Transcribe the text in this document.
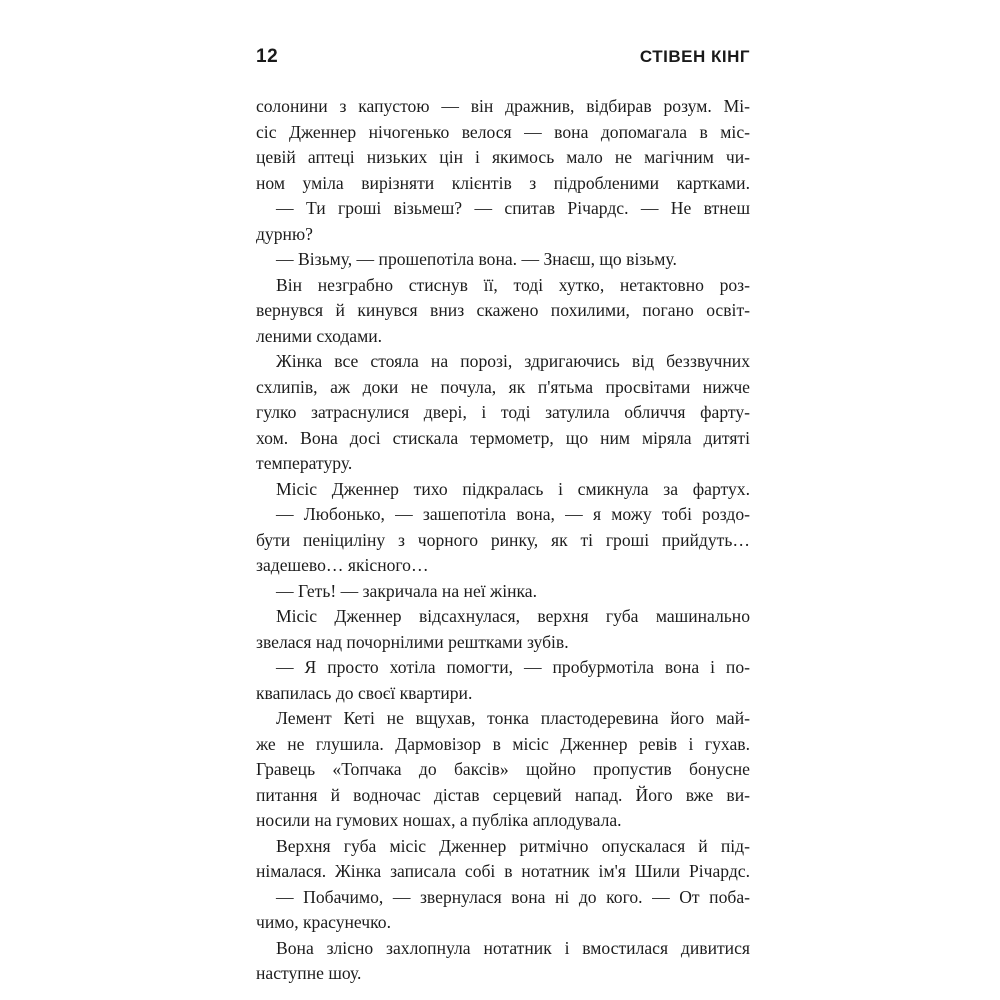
12	СТІВЕН КІНГ
солонини з капустою — він дражнив, відбирав розум. Мі-
сіс Дженнер нічогенько велося — вона допомагала в міс-
цевій аптеці низьких цін і якимось мало не магічним чи-
ном уміла вирізняти клієнтів з підробленими картками.
— Ти гроші візьмеш? — спитав Річардс. — Не втнеш
дурню?
— Візьму, — прошепотіла вона. — Знаєш, що візьму.
Він незграбно стиснув її, тоді хутко, нетактовно роз-
вернувся й кинувся вниз скажено похилими, погано освіт-
леними сходами.
Жінка все стояла на порозі, здригаючись від беззвучних
схлипів, аж доки не почула, як п'ятьма просвітами нижче
гулко затраснулися двері, і тоді затулила обличчя фарту-
хом. Вона досі стискала термометр, що ним міряла дитяті
температуру.
Місіс Дженнер тихо підкралась і смикнула за фартух.
— Любонько, — зашепотіла вона, — я можу тобі роздо-
бути пеніциліну з чорного ринку, як ті гроші прийдуть…
задешево… якісного…
— Геть! — закричала на неї жінка.
Місіс Дженнер відсахнулася, верхня губа машинально
звелася над почорнілими рештками зубів.
— Я просто хотіла помогти, — пробурмотіла вона і по-
квапилась до своєї квартири.
Лемент Кеті не вщухав, тонка пластодеревина його май-
же не глушила. Дармовізор в місіс Дженнер ревів і гухав.
Гравець «Топчака до баксів» щойно пропустив бонусне
питання й водночас дістав серцевий напад. Його вже ви-
носили на гумових ношах, а публіка аплодувала.
Верхня губа місіс Дженнер ритмічно опускалася й під-
німалася. Жінка записала собі в нотатник ім'я Шили Річардс.
— Побачимо, — звернулася вона ні до кого. — От поба-
чимо, красунечко.
Вона злісно захлопнула нотатник і вмостилася дивитися
наступне шоу.
